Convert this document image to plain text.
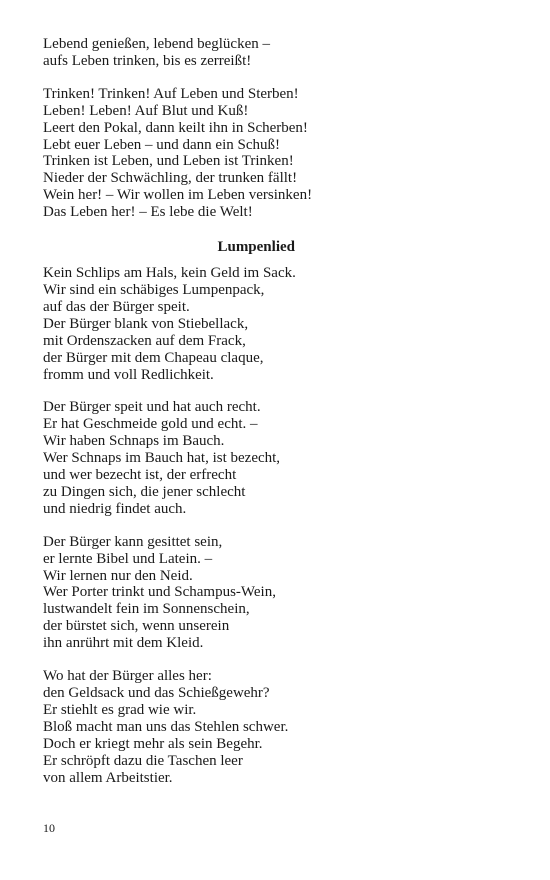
Lebend genießen, lebend beglücken –
aufs Leben trinken, bis es zerreißt!
Trinken! Trinken! Auf Leben und Sterben!
Leben! Leben! Auf Blut und Kuß!
Leert den Pokal, dann keilt ihn in Scherben!
Lebt euer Leben – und dann ein Schuß!
Trinken ist Leben, und Leben ist Trinken!
Nieder der Schwächling, der trunken fällt!
Wein her! – Wir wollen im Leben versinken!
Das Leben her! – Es lebe die Welt!
Lumpenlied
Kein Schlips am Hals, kein Geld im Sack.
Wir sind ein schäbiges Lumpenpack,
auf das der Bürger speit.
Der Bürger blank von Stiebellack,
mit Ordenszacken auf dem Frack,
der Bürger mit dem Chapeau claque,
fromm und voll Redlichkeit.
Der Bürger speit und hat auch recht.
Er hat Geschmeide gold und echt. –
Wir haben Schnaps im Bauch.
Wer Schnaps im Bauch hat, ist bezecht,
und wer bezecht ist, der erfrecht
zu Dingen sich, die jener schlecht
und niedrig findet auch.
Der Bürger kann gesittet sein,
er lernte Bibel und Latein. –
Wir lernen nur den Neid.
Wer Porter trinkt und Schampus-Wein,
lustwandelt fein im Sonnenschein,
der bürstet sich, wenn unserein
ihn anrührt mit dem Kleid.
Wo hat der Bürger alles her:
den Geldsack und das Schießgewehr?
Er stiehlt es grad wie wir.
Bloß macht man uns das Stehlen schwer.
Doch er kriegt mehr als sein Begehr.
Er schröpft dazu die Taschen leer
von allem Arbeitstier.
10
